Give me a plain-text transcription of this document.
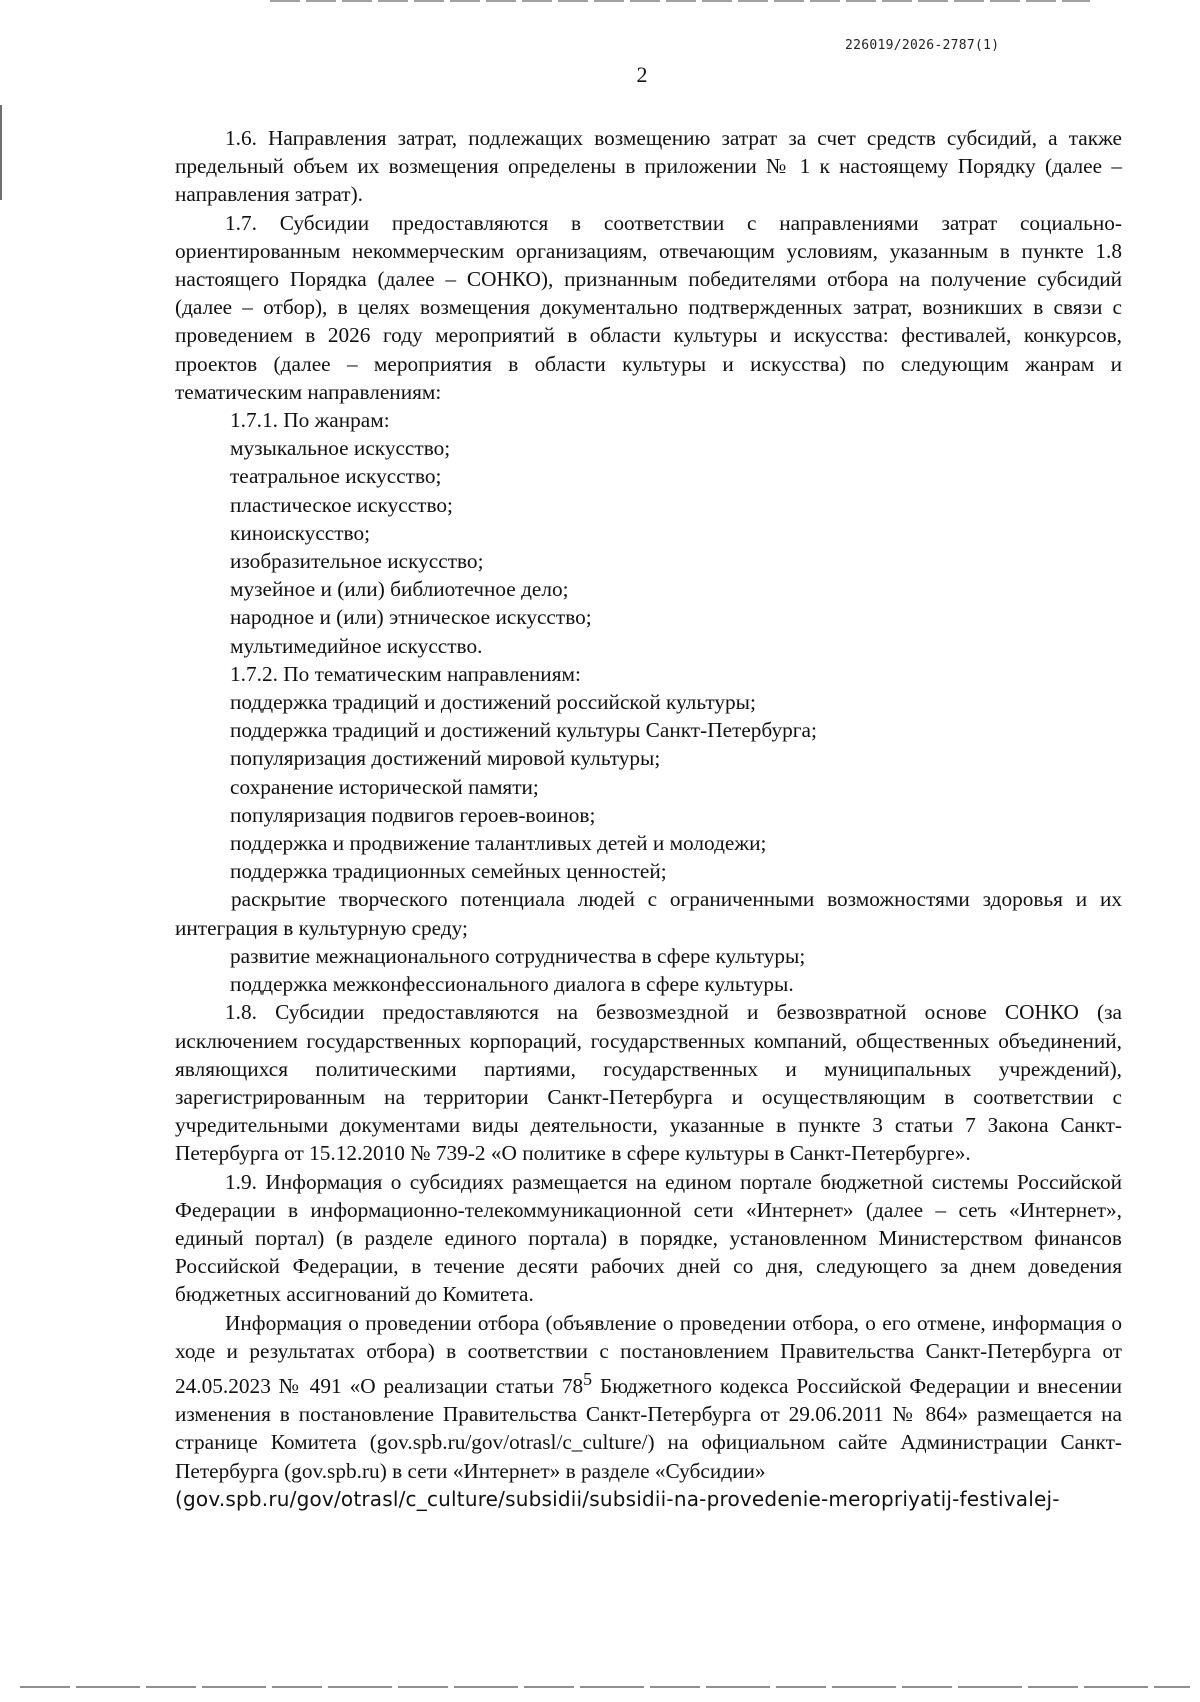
226019/2026-2787(1)
2

1.6. Направления затрат, подлежащих возмещению затрат за счет средств субсидий, а также предельный объем их возмещения определены в приложении № 1 к настоящему Порядку (далее – направления затрат).

1.7. Субсидии предоставляются в соответствии с направлениями затрат социально-ориентированным некоммерческим организациям, отвечающим условиям, указанным в пункте 1.8 настоящего Порядка (далее – СОНКО), признанным победителями отбора на получение субсидий (далее – отбор), в целях возмещения документально подтвержденных затрат, возникших в связи с проведением в 2026 году мероприятий в области культуры и искусства: фестивалей, конкурсов, проектов (далее – мероприятия в области культуры и искусства) по следующим жанрам и тематическим направлениям:

1.7.1. По жанрам:

музыкальное искусство;

театральное искусство;

пластическое искусство;

киноискусство;

изобразительное искусство;

музейное и (или) библиотечное дело;

народное и (или) этническое искусство;

мультимедийное искусство.

1.7.2. По тематическим направлениям:

поддержка традиций и достижений российской культуры;

поддержка традиций и достижений культуры Санкт-Петербурга;

популяризация достижений мировой культуры;

сохранение исторической памяти;

популяризация подвигов героев-воинов;

поддержка и продвижение талантливых детей и молодежи;

поддержка традиционных семейных ценностей;

раскрытие творческого потенциала людей с ограниченными возможностями здоровья и их интеграция в культурную среду;

развитие межнационального сотрудничества в сфере культуры;

поддержка межконфессионального диалога в сфере культуры.

1.8. Субсидии предоставляются на безвозмездной и безвозвратной основе СОНКО (за исключением государственных корпораций, государственных компаний, общественных объединений, являющихся политическими партиями, государственных и муниципальных учреждений), зарегистрированным на территории Санкт-Петербурга и осуществляющим в соответствии с учредительными документами виды деятельности, указанные в пункте 3 статьи 7 Закона Санкт-Петербурга от 15.12.2010 № 739-2 «О политике в сфере культуры в Санкт-Петербурге».

1.9. Информация о субсидиях размещается на едином портале бюджетной системы Российской Федерации в информационно-телекоммуникационной сети «Интернет» (далее – сеть «Интернет», единый портал) (в разделе единого портала) в порядке, установленном Министерством финансов Российской Федерации, в течение десяти рабочих дней со дня, следующего за днем доведения бюджетных ассигнований до Комитета.

Информация о проведении отбора (объявление о проведении отбора, о его отмене, информация о ходе и результатах отбора) в соответствии с постановлением Правительства Санкт-Петербурга от 24.05.2023 № 491 «О реализации статьи $78^5$ Бюджетного кодекса Российской Федерации и внесении изменения в постановление Правительства Санкт-Петербурга от 29.06.2011 № 864» размещается на странице Комитета (gov.spb.ru/gov/otrasl/c_culture/) на официальном сайте Администрации Санкт-Петербурга (gov.spb.ru) в сети «Интернет» в разделе «Субсидии»

(gov.spb.ru/gov/otrasl/c_culture/subsidii/subsidii-na-provedenie-meropriyatij-festivalej-
